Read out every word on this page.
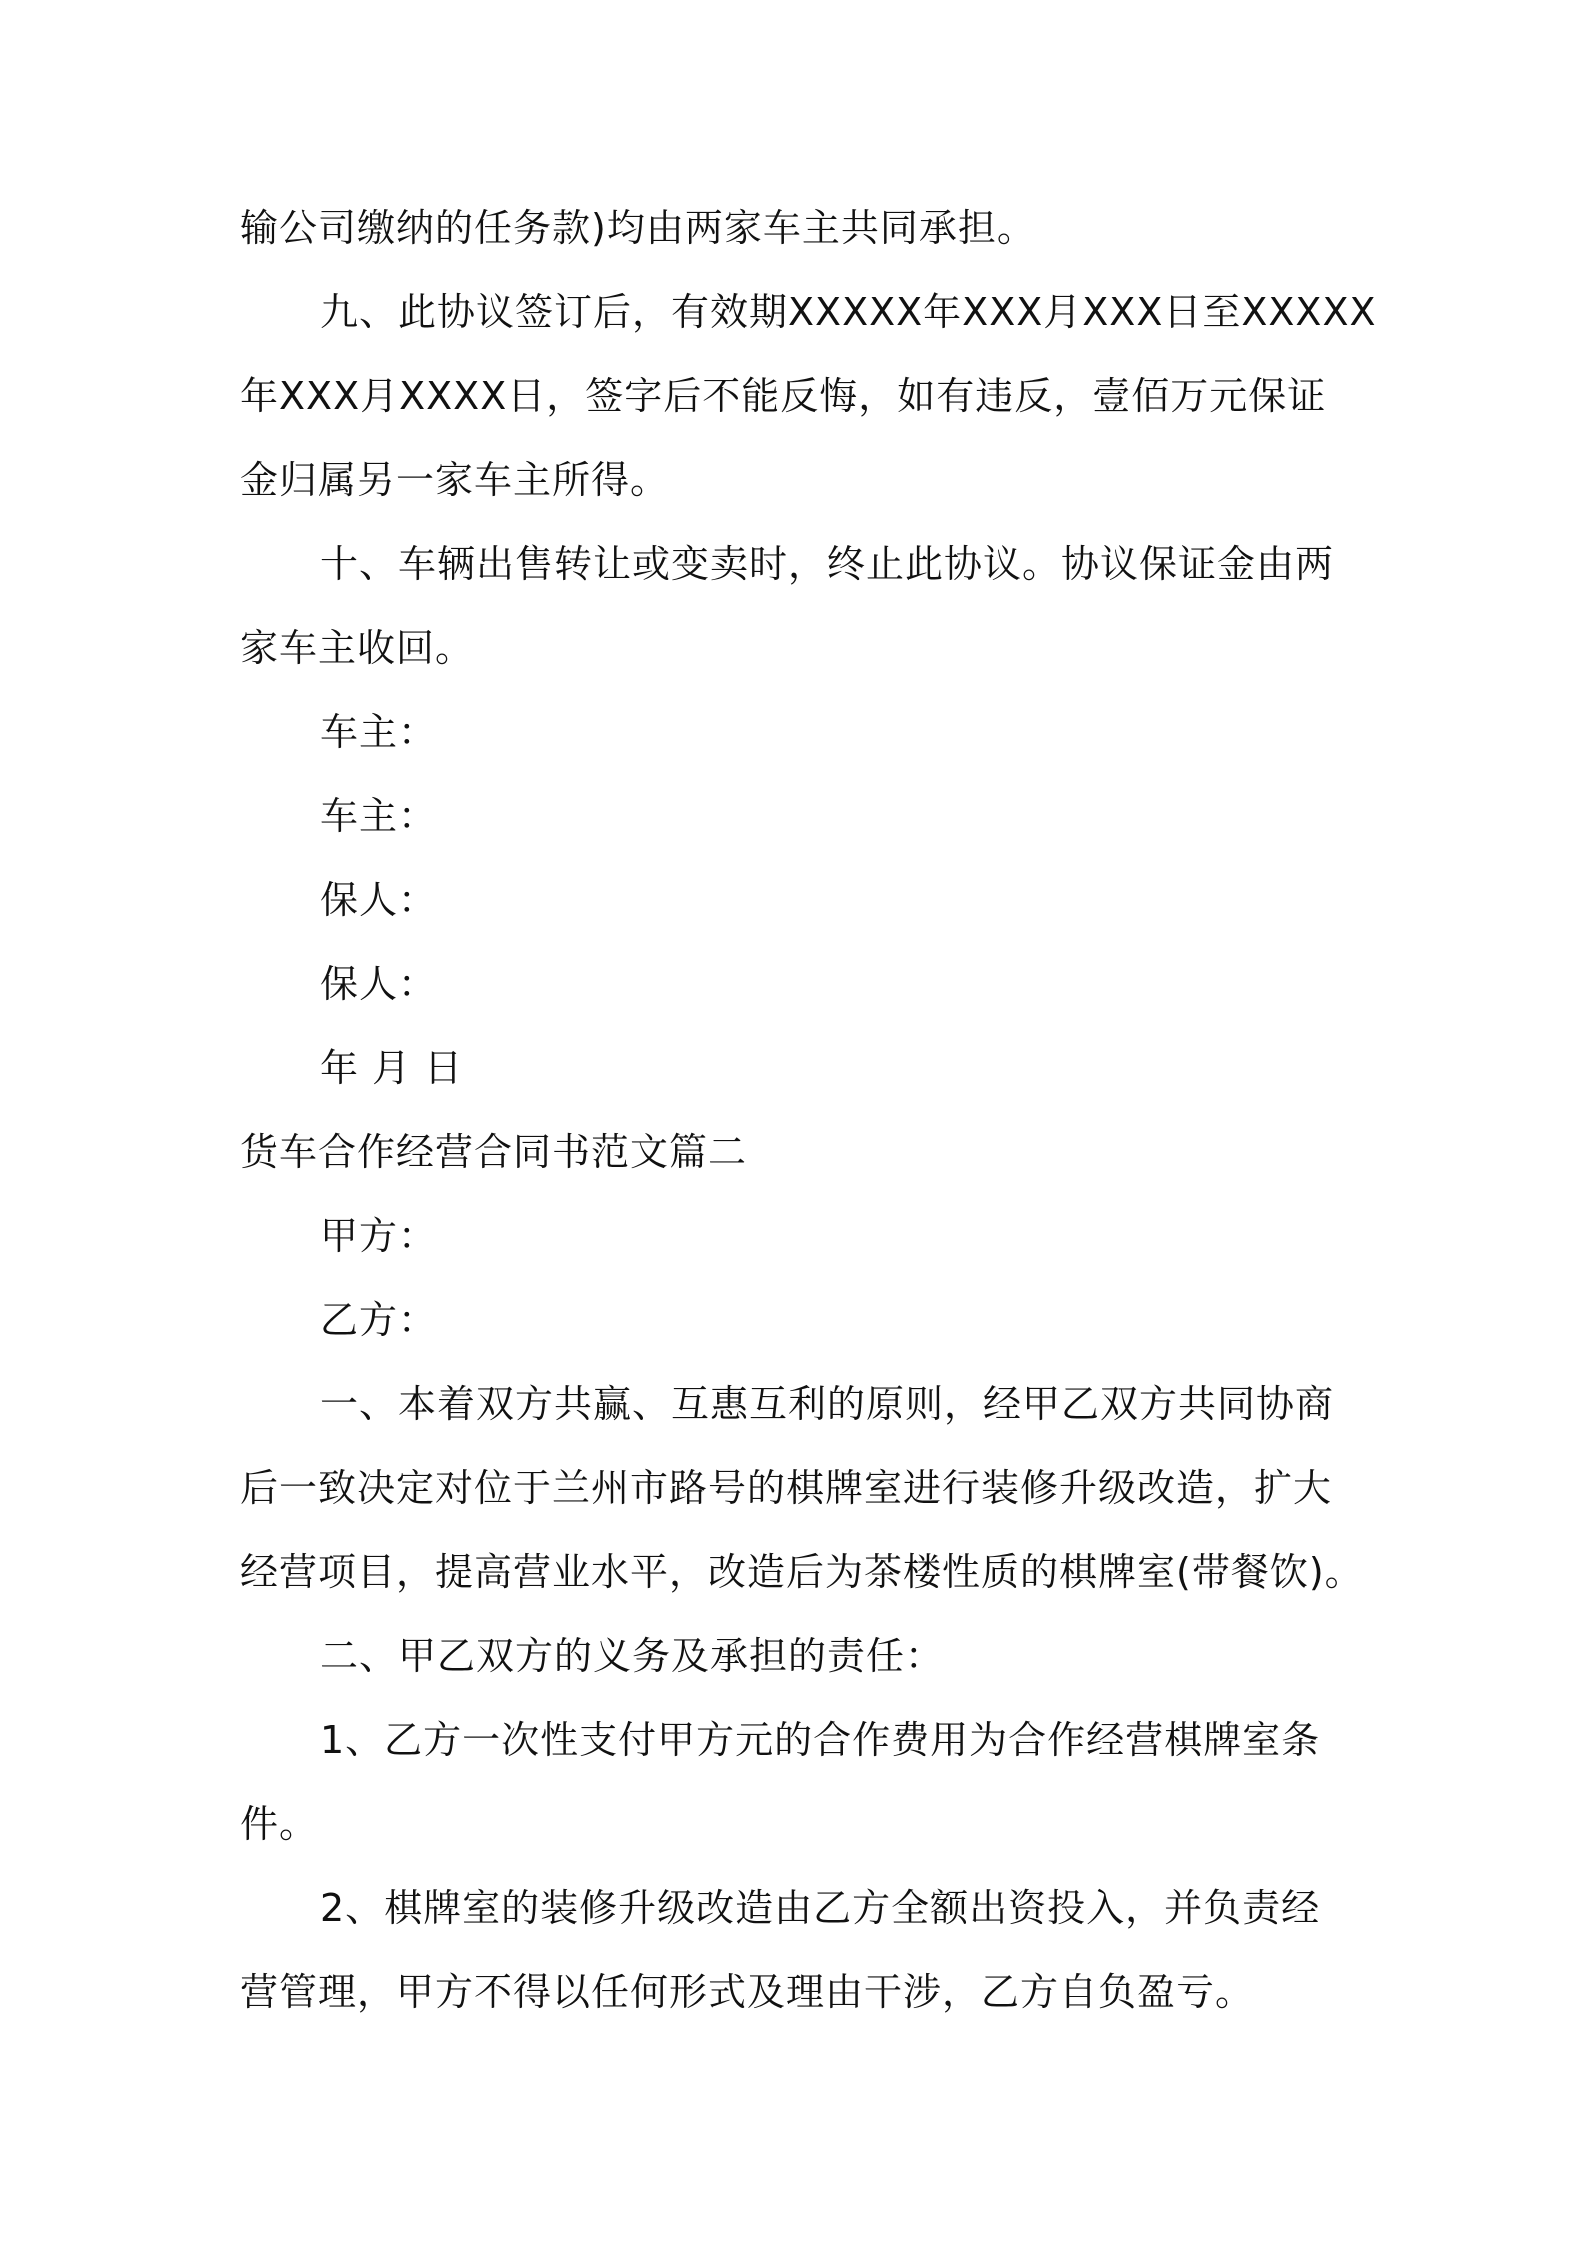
输公司缴纳的任务款)均由两家车主共同承担。

九、此协议签订后，有效期XXXXX年XXX月XXX日至XXXXX

年XXX月XXXX日，签字后不能反悔，如有违反，壹佰万元保证

金归属另一家车主所得。

十、车辆出售转让或变卖时，终止此协议。协议保证金由两

家车主收回。

车主：

车主：

保人：

保人：

年 月 日

货车合作经营合同书范文篇二

甲方：

乙方：

一、本着双方共赢、互惠互利的原则，经甲乙双方共同协商

后一致决定对位于兰州市路号的棋牌室进行装修升级改造，扩大

经营项目，提高营业水平，改造后为茶楼性质的棋牌室(带餐饮)。

二、甲乙双方的义务及承担的责任：

1、乙方一次性支付甲方元的合作费用为合作经营棋牌室条

件。

2、棋牌室的装修升级改造由乙方全额出资投入，并负责经

营管理，甲方不得以任何形式及理由干涉，乙方自负盈亏。
